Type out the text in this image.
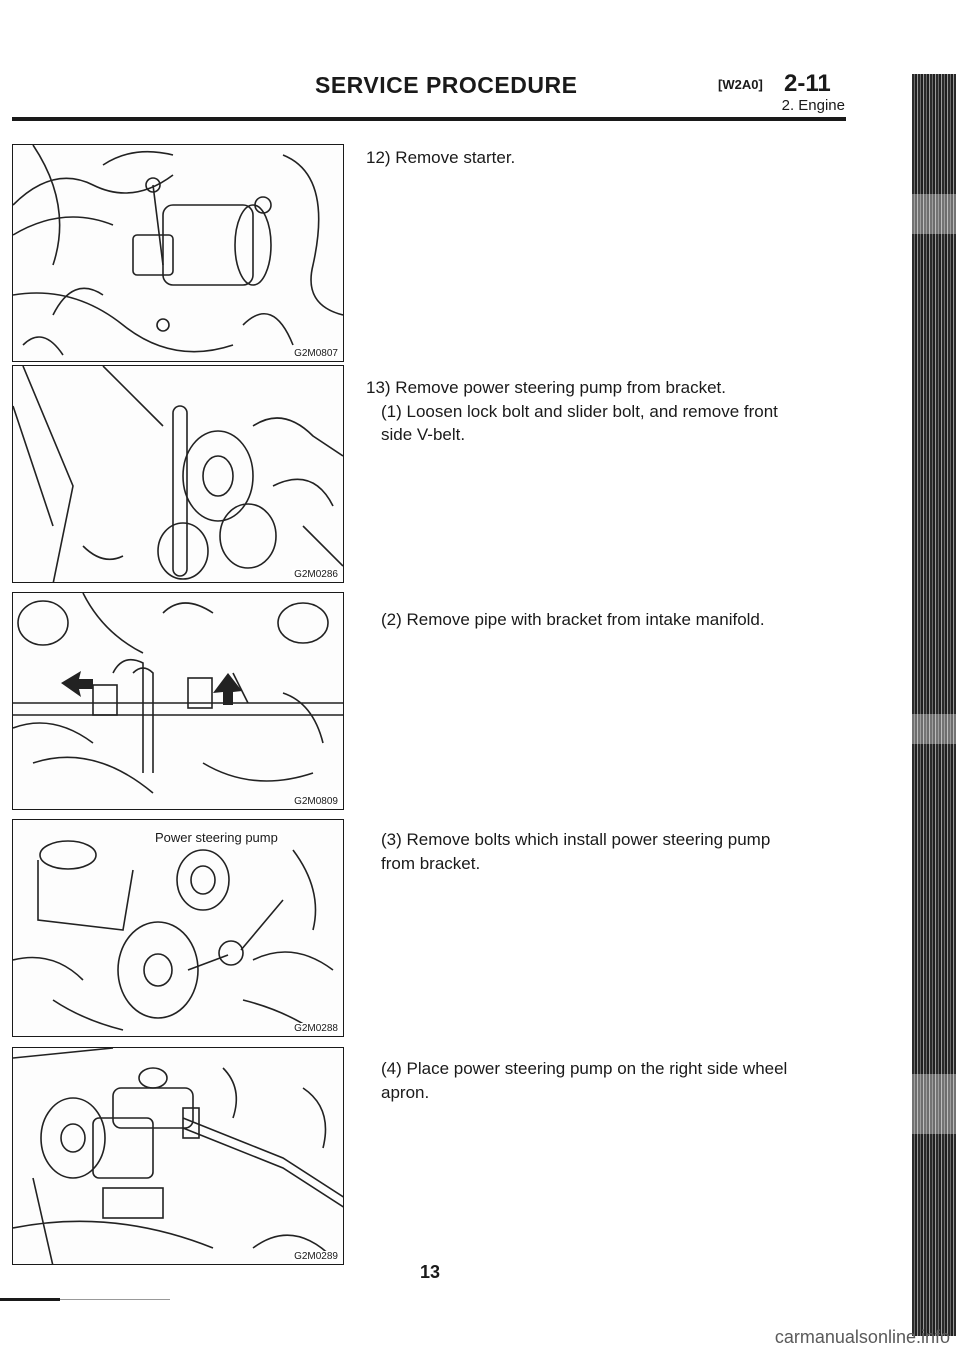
SERVICE PROCEDURE	[W2A0] 2-11
2. Engine
G2M0807
G2M0286
G2M0809
Power steering pump
G2M0288
G2M0289
12) Remove starter.
13) Remove power steering pump from bracket.
(1) Loosen lock bolt and slider bolt, and remove front
side V-belt.
(2) Remove pipe with bracket from intake manifold.
(3) Remove bolts which install power steering pump
from bracket.
(4) Place power steering pump on the right side wheel
apron.
13
carmanualsonline.info
